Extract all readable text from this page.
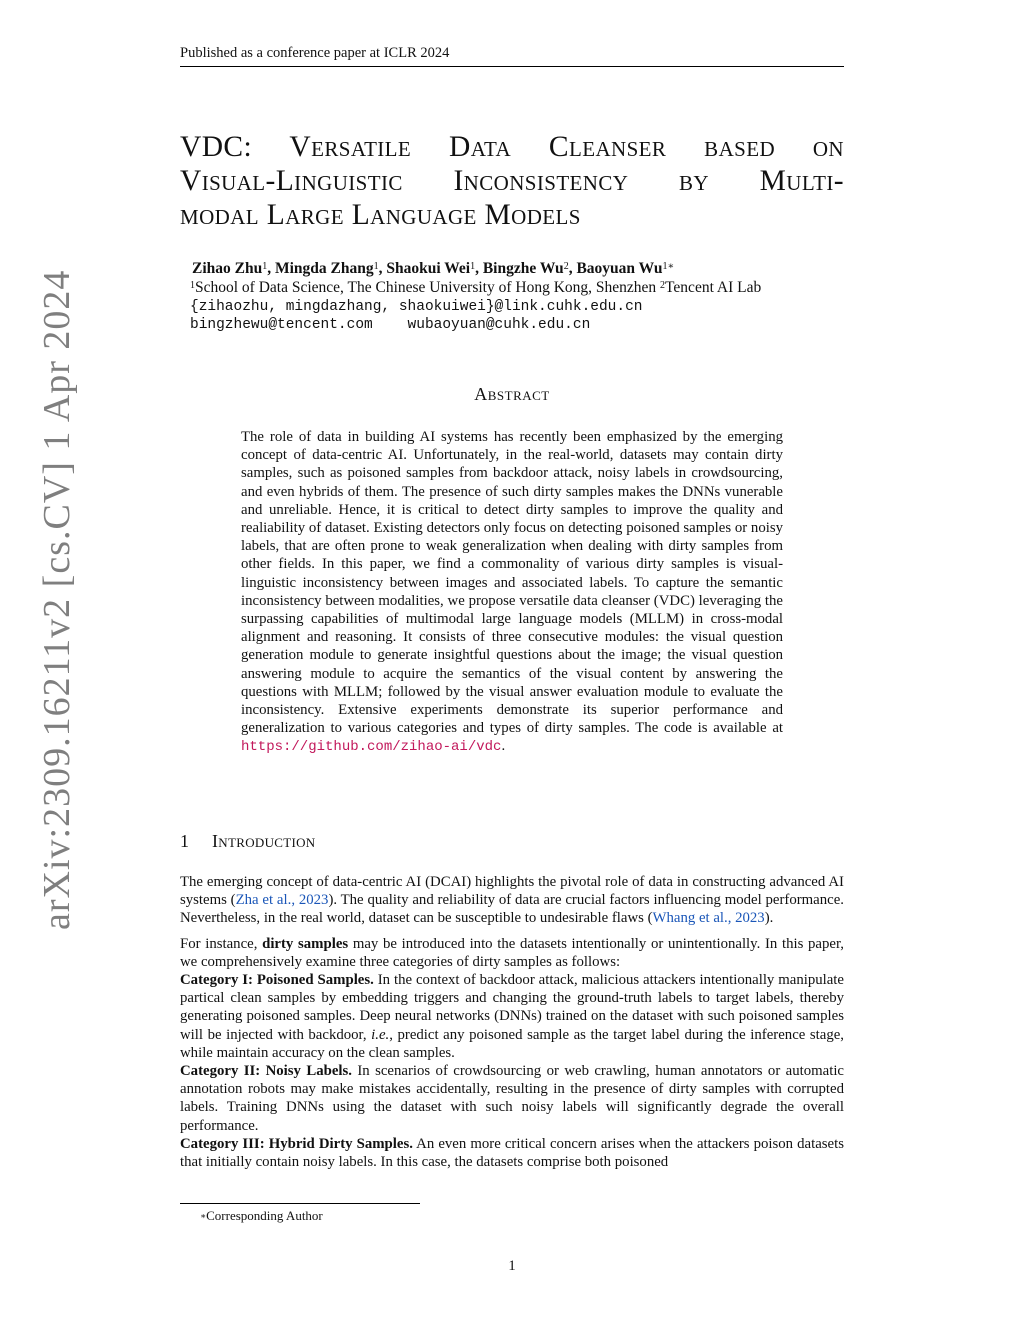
Published as a conference paper at ICLR 2024
arXiv:2309.16211v2 [cs.CV] 1 Apr 2024
VDC: Versatile Data Cleanser based on
Visual-Linguistic Inconsistency by Multi-
modal Large Language Models
Zihao Zhu$^1$, Mingda Zhang$^1$, Shaokui Wei$^1$, Bingzhe Wu$^2$, Baoyuan $Wu^{1∗}$
$^1$School of Data Science, The Chinese University of Hong Kong, Shenzhen $^2$Tencent AI Lab
{zihaozhu, mingdazhang, shaokuiwei}@link.cuhk.edu.cn
bingzhewu@tencent.com    wubaoyuan@cuhk.edu.cn
Abstract
The role of data in building AI systems has recently been emphasized by the emerging concept of data-centric AI. Unfortunately, in the real-world, datasets may contain dirty samples, such as poisoned samples from backdoor attack, noisy labels in crowdsourcing, and even hybrids of them. The presence of such dirty samples makes the DNNs vunerable and unreliable. Hence, it is critical to detect dirty samples to improve the quality and realiability of dataset. Existing detectors only focus on detecting poisoned samples or noisy labels, that are often prone to weak generalization when dealing with dirty samples from other fields. In this paper, we find a commonality of various dirty samples is visual-linguistic inconsistency between images and associated labels. To capture the semantic inconsistency between modalities, we propose versatile data cleanser (VDC) leveraging the surpassing capabilities of multimodal large language models (MLLM) in cross-modal alignment and reasoning. It consists of three consecutive modules: the visual question generation module to generate insightful questions about the image; the visual question answering module to acquire the semantics of the visual content by answering the questions with MLLM; followed by the visual answer evaluation module to evaluate the inconsistency. Extensive experiments demonstrate its superior performance and generalization to various categories and types of dirty samples. The code is available at https://github.com/zihao-ai/vdc.
1 Introduction

The emerging concept of data-centric AI (DCAI) highlights the pivotal role of data in constructing advanced AI systems (Zha et al., 2023). The quality and reliability of data are crucial factors influencing model performance. Nevertheless, in the real world, dataset can be susceptible to undesirable flaws (Whang et al., 2023).

For instance, dirty samples may be introduced into the datasets intentionally or unintentionally. In this paper, we comprehensively examine three categories of dirty samples as follows:

Category I: Poisoned Samples. In the context of backdoor attack, malicious attackers intentionally manipulate partical clean samples by embedding triggers and changing the ground-truth labels to target labels, thereby generating poisoned samples. Deep neural networks (DNNs) trained on the dataset with such poisoned samples will be injected with backdoor, i.e., predict any poisoned sample as the target label during the inference stage, while maintain accuracy on the clean samples.

Category II: Noisy Labels. In scenarios of crowdsourcing or web crawling, human annotators or automatic annotation robots may make mistakes accidentally, resulting in the presence of dirty samples with corrupted labels. Training DNNs using the dataset with such noisy labels will significantly degrade the overall performance.

Category III: Hybrid Dirty Samples. An even more critical concern arises when the attackers poison datasets that initially contain noisy labels. In this case, the datasets comprise both poisoned

∗Corresponding Author
1
